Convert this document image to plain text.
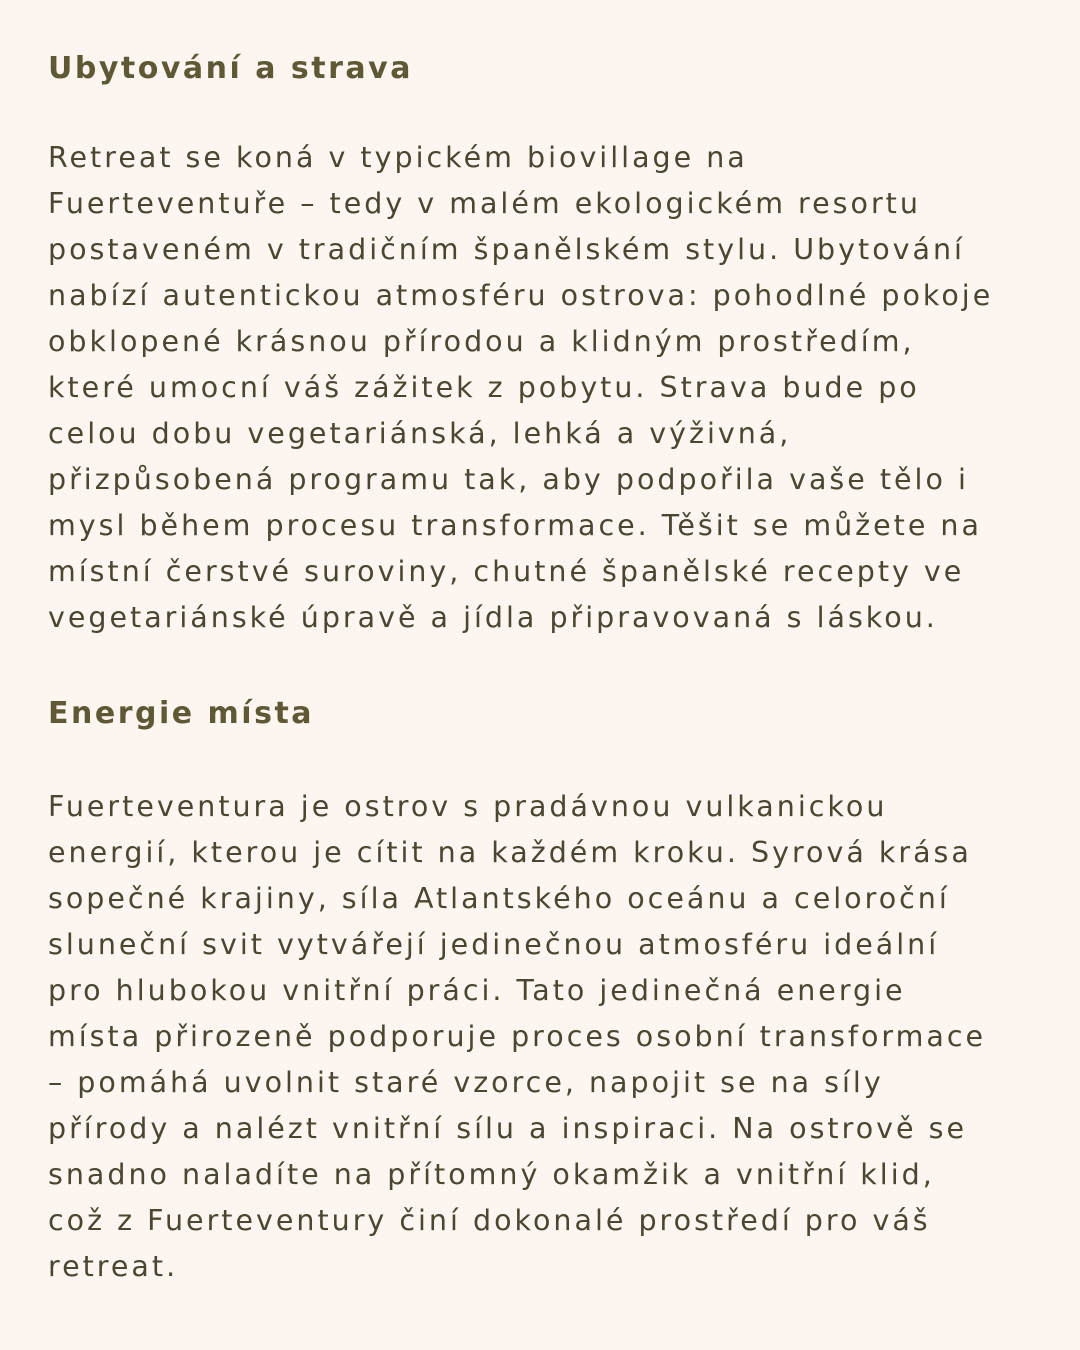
Ubytování a strava

Retreat se koná v typickém biovillage na
Fuerteventuře – tedy v malém ekologickém resortu
postaveném v tradičním španělském stylu. Ubytování
nabízí autentickou atmosféru ostrova: pohodlné pokoje
obklopené krásnou přírodou a klidným prostředím,
které umocní váš zážitek z pobytu. Strava bude po
celou dobu vegetariánská, lehká a výživná,
přizpůsobená programu tak, aby podpořila vaše tělo i
mysl během procesu transformace. Těšit se můžete na
místní čerstvé suroviny, chutné španělské recepty ve
vegetariánské úpravě a jídla připravovaná s láskou.

Energie místa

Fuerteventura je ostrov s pradávnou vulkanickou
energií, kterou je cítit na každém kroku. Syrová krása
sopečné krajiny, síla Atlantského oceánu a celoroční
sluneční svit vytvářejí jedinečnou atmosféru ideální
pro hlubokou vnitřní práci. Tato jedinečná energie
místa přirozeně podporuje proces osobní transformace
– pomáhá uvolnit staré vzorce, napojit se na síly
přírody a nalézt vnitřní sílu a inspiraci. Na ostrově se
snadno naladíte na přítomný okamžik a vnitřní klid,
což z Fuerteventury činí dokonalé prostředí pro váš
retreat.
